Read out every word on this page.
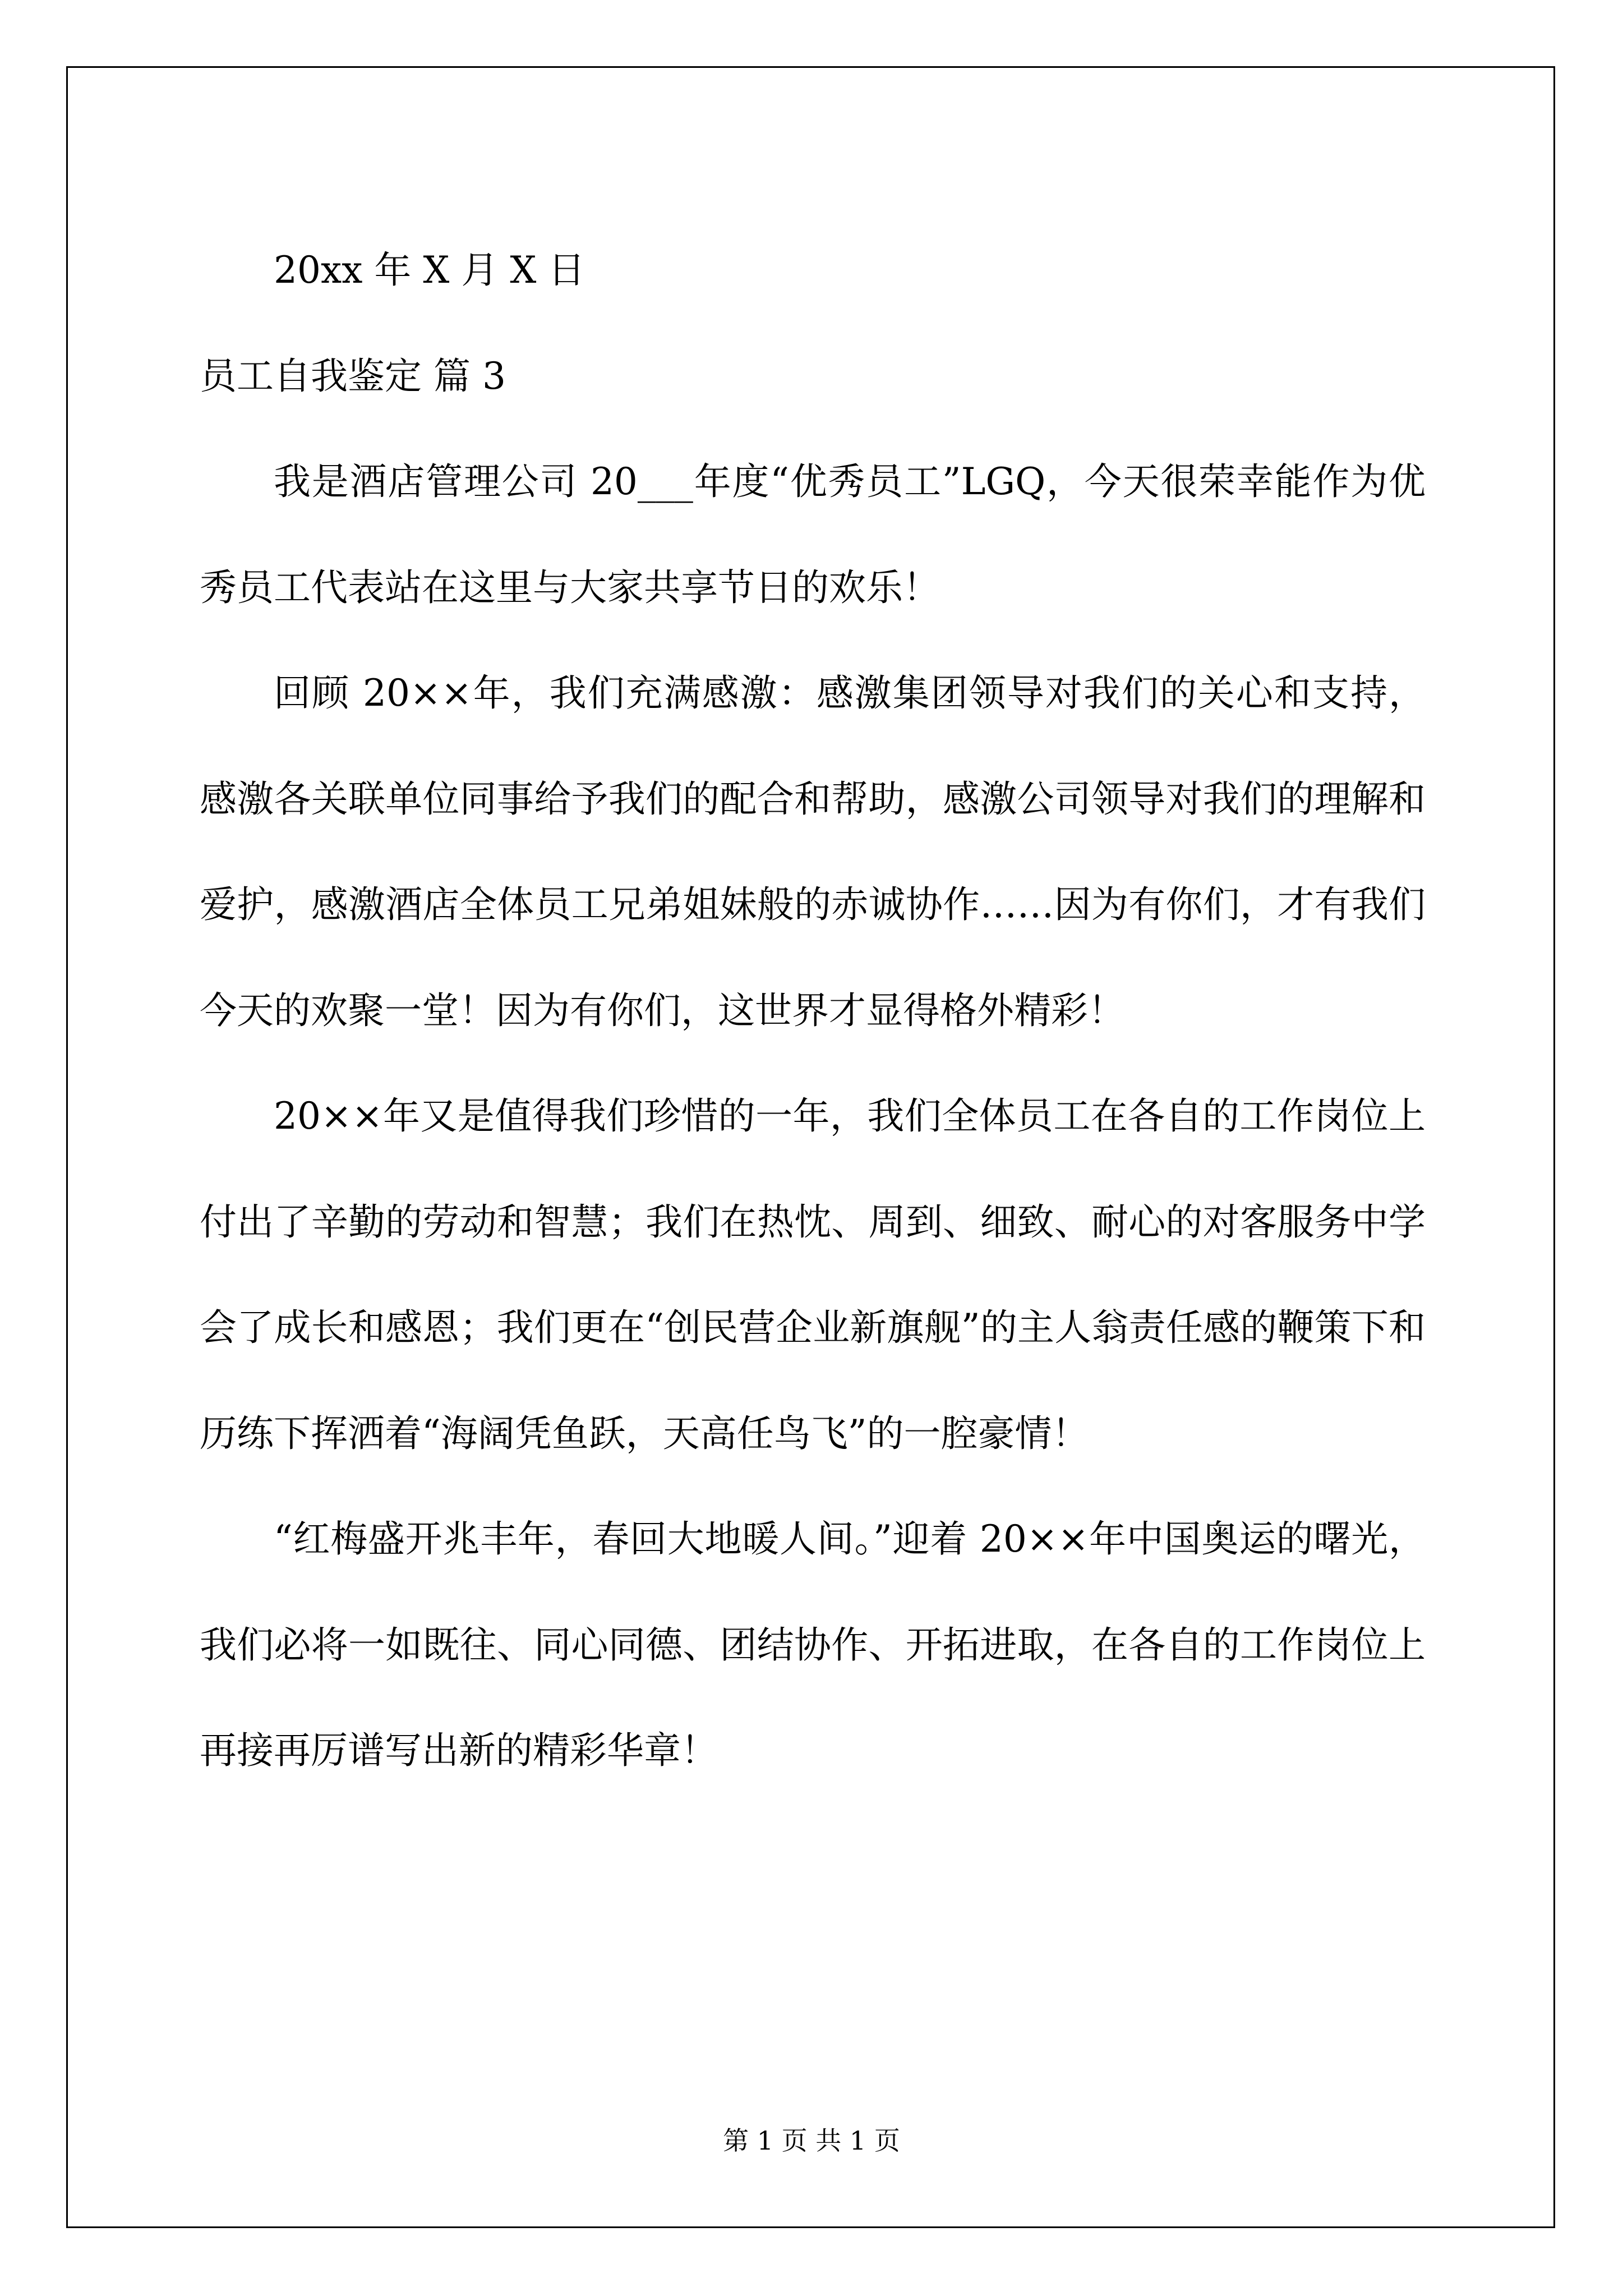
20xx 年 X 月 X 日

员工自我鉴定 篇 3

我是酒店管理公司 20___年度“优秀员工”LGQ，今天很荣幸能作为优秀员工代表站在这里与大家共享节日的欢乐！

回顾 20××年，我们充满感激：感激集团领导对我们的关心和支持，感激各关联单位同事给予我们的配合和帮助，感激公司领导对我们的理解和爱护，感激酒店全体员工兄弟姐妹般的赤诚协作……因为有你们，才有我们今天的欢聚一堂！因为有你们，这世界才显得格外精彩！

20××年又是值得我们珍惜的一年，我们全体员工在各自的工作岗位上付出了辛勤的劳动和智慧；我们在热忱、周到、细致、耐心的对客服务中学会了成长和感恩；我们更在“创民营企业新旗舰”的主人翁责任感的鞭策下和历练下挥洒着“海阔凭鱼跃，天高任鸟飞”的一腔豪情！

“红梅盛开兆丰年，春回大地暖人间。”迎着 20××年中国奥运的曙光，我们必将一如既往、同心同德、团结协作、开拓进取，在各自的工作岗位上再接再厉谱写出新的精彩华章！

第 1 页 共 1 页
